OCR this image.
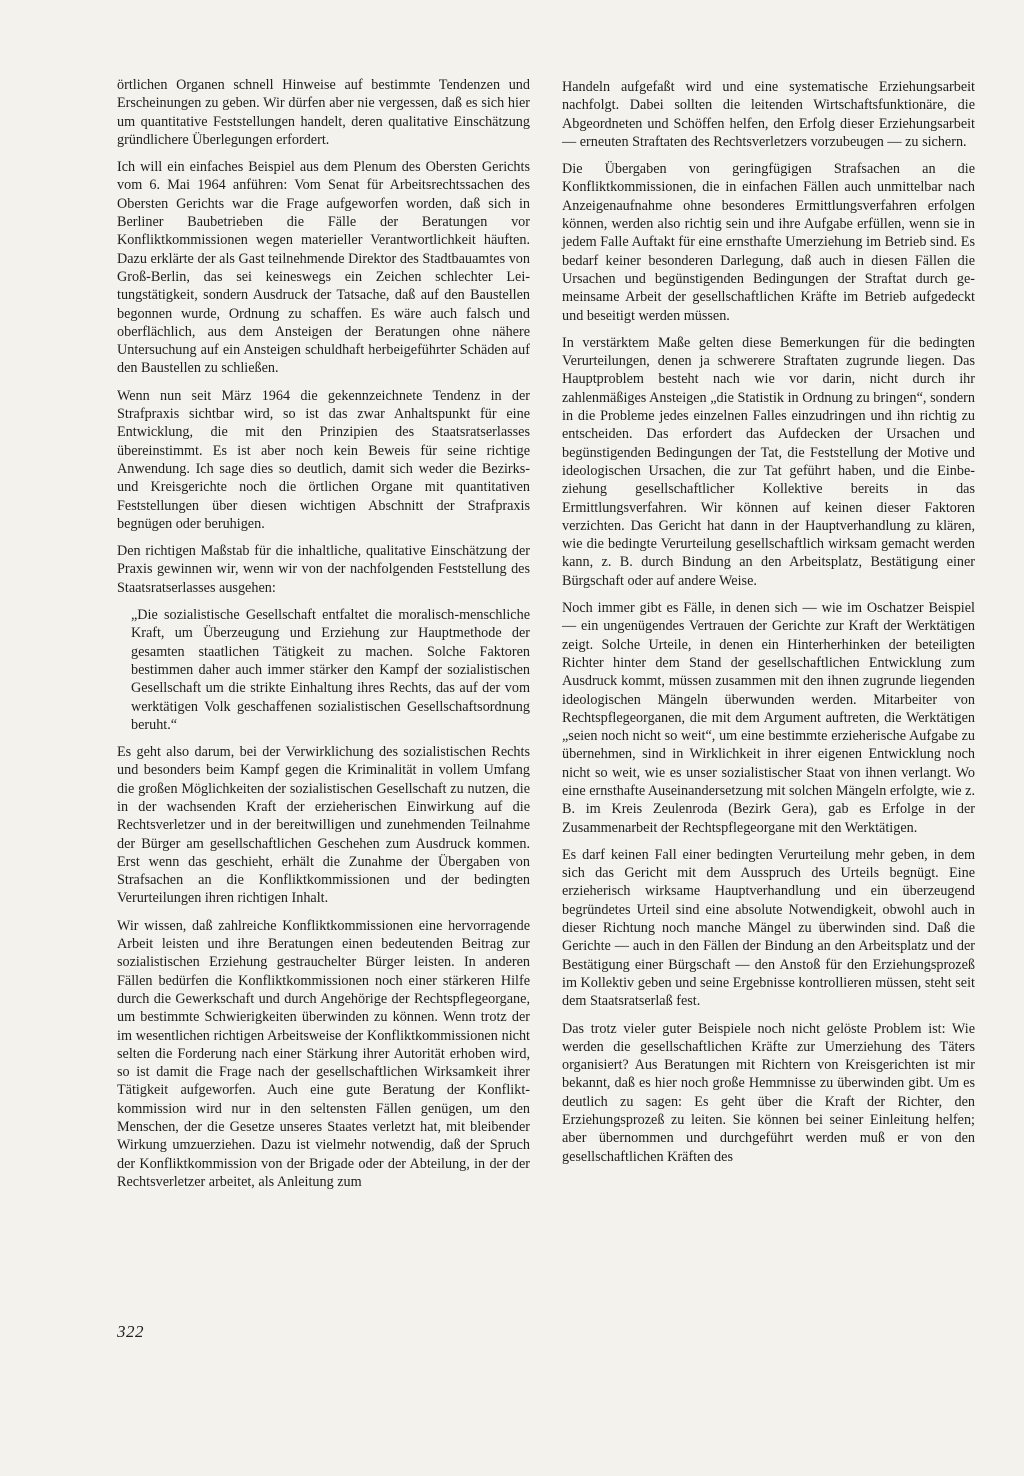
örtlichen Organen schnell Hinweise auf bestimmte Tendenzen und Erscheinungen zu geben. Wir dürfen aber nie vergessen, daß es sich hier um quantitative Feststellungen handelt, deren qualitative Einschätzung gründlichere Überlegungen erfordert.

Ich will ein einfaches Beispiel aus dem Plenum des Obersten Gerichts vom 6. Mai 1964 anführen: Vom Senat für Arbeitsrechtssachen des Obersten Gerichts war die Frage aufgeworfen worden, daß sich in Berliner Baubetrieben die Fälle der Beratungen vor Konfliktkommissionen wegen materieller Verantwortlichkeit häuften. Dazu erklärte der als Gast teilnehmende Direktor des Stadtbauamtes von Groß-Berlin, das sei keineswegs ein Zeichen schlechter Leitungstätigkeit, sondern Ausdruck der Tatsache, daß auf den Baustellen begonnen wurde, Ordnung zu schaffen. Es wäre auch falsch und oberflächlich, aus dem Ansteigen der Beratungen ohne nähere Untersuchung auf ein Ansteigen schuldhaft herbeigeführter Schäden auf den Baustellen zu schließen.

Wenn nun seit März 1964 die gekennzeichnete Tendenz in der Strafpraxis sichtbar wird, so ist das zwar Anhaltspunkt für eine Entwicklung, die mit den Prinzipien des Staatsratserlasses übereinstimmt. Es ist aber noch kein Beweis für seine richtige Anwendung. Ich sage dies so deutlich, damit sich weder die Bezirks- und Kreisgerichte noch die örtlichen Organe mit quantitativen Feststellungen über diesen wichtigen Abschnitt der Strafpraxis begnügen oder beruhigen.

Den richtigen Maßstab für die inhaltliche, qualitative Einschätzung der Praxis gewinnen wir, wenn wir von der nachfolgenden Feststellung des Staatsratserlasses ausgehen:

„Die sozialistische Gesellschaft entfaltet die moralisch-menschliche Kraft, um Überzeugung und Erziehung zur Hauptmethode der gesamten staatlichen Tätigkeit zu machen. Solche Faktoren bestimmen daher auch immer stärker den Kampf der sozialistischen Gesellschaft um die strikte Einhaltung ihres Rechts, das auf der vom werktätigen Volk geschaffenen sozialistischen Gesellschaftsordnung beruht.“

Es geht also darum, bei der Verwirklichung des sozialistischen Rechts und besonders beim Kampf gegen die Kriminalität in vollem Umfang die großen Möglichkeiten der sozialistischen Gesellschaft zu nutzen, die in der wachsenden Kraft der erzieherischen Einwirkung auf die Rechtsverletzer und in der bereitwilligen und zunehmenden Teilnahme der Bürger am gesellschaftlichen Geschehen zum Ausdruck kommen. Erst wenn das geschieht, erhält die Zunahme der Übergaben von Strafsachen an die Konfliktkommissionen und der bedingten Verurteilungen ihren richtigen Inhalt.

Wir wissen, daß zahlreiche Konfliktkommissionen eine hervorragende Arbeit leisten und ihre Beratungen einen bedeutenden Beitrag zur sozialistischen Erziehung gestrauchelter Bürger leisten. In anderen Fällen bedürfen die Konfliktkommissionen noch einer stärkeren Hilfe durch die Gewerkschaft und durch Angehörige der Rechtspflegeorgane, um bestimmte Schwierigkeiten überwinden zu können. Wenn trotz der im wesentlichen richtigen Arbeitsweise der Konfliktkommissionen nicht selten die Forderung nach einer Stärkung ihrer Autorität erhoben wird, so ist damit die Frage nach der gesellschaftlichen Wirksamkeit ihrer Tätigkeit aufgeworfen. Auch eine gute Beratung der Konfliktkommission wird nur in den seltensten Fällen genügen, um den Menschen, der die Gesetze unseres Staates verletzt hat, mit bleibender Wirkung umzuerziehen. Dazu ist vielmehr notwendig, daß der Spruch der Konfliktkommission von der Brigade oder der Abteilung, in der der Rechtsverletzer arbeitet, als Anleitung zum

Handeln aufgefaßt wird und eine systematische Erziehungsarbeit nachfolgt. Dabei sollten die leitenden Wirtschaftsfunktionäre, die Abgeordneten und Schöffen helfen, den Erfolg dieser Erziehungsarbeit — erneuten Straftaten des Rechtsverletzers vorzubeugen — zu sichern.

Die Übergaben von geringfügigen Strafsachen an die Konfliktkommissionen, die in einfachen Fällen auch unmittelbar nach Anzeigenaufnahme ohne besonderes Ermittlungsverfahren erfolgen können, werden also richtig sein und ihre Aufgabe erfüllen, wenn sie in jedem Falle Auftakt für eine ernsthafte Umerziehung im Betrieb sind. Es bedarf keiner besonderen Darlegung, daß auch in diesen Fällen die Ursachen und begünstigenden Bedingungen der Straftat durch gemeinsame Arbeit der gesellschaftlichen Kräfte im Betrieb aufgedeckt und beseitigt werden müssen.

In verstärktem Maße gelten diese Bemerkungen für die bedingten Verurteilungen, denen ja schwerere Straftaten zugrunde liegen. Das Hauptproblem besteht nach wie vor darin, nicht durch ihr zahlenmäßiges Ansteigen „die Statistik in Ordnung zu bringen“, sondern in die Probleme jedes einzelnen Falles einzudringen und ihn richtig zu entscheiden. Das erfordert das Aufdecken der Ursachen und begünstigenden Bedingungen der Tat, die Feststellung der Motive und ideologischen Ursachen, die zur Tat geführt haben, und die Einbeziehung gesellschaftlicher Kollektive bereits in das Ermittlungsverfahren. Wir können auf keinen dieser Faktoren verzichten. Das Gericht hat dann in der Hauptverhandlung zu klären, wie die bedingte Verurteilung gesellschaftlich wirksam gemacht werden kann, z. B. durch Bindung an den Arbeitsplatz, Bestätigung einer Bürgschaft oder auf andere Weise.

Noch immer gibt es Fälle, in denen sich — wie im Oschatzer Beispiel — ein ungenügendes Vertrauen der Gerichte zur Kraft der Werktätigen zeigt. Solche Urteile, in denen ein Hinterherhinken der beteiligten Richter hinter dem Stand der gesellschaftlichen Entwicklung zum Ausdruck kommt, müssen zusammen mit den ihnen zugrunde liegenden ideologischen Mängeln überwunden werden. Mitarbeiter von Rechtspflegeorganen, die mit dem Argument auftreten, die Werktätigen „seien noch nicht so weit“, um eine bestimmte erzieherische Aufgabe zu übernehmen, sind in Wirklichkeit in ihrer eigenen Entwicklung noch nicht so weit, wie es unser sozialistischer Staat von ihnen verlangt. Wo eine ernsthafte Auseinandersetzung mit solchen Mängeln erfolgte, wie z. B. im Kreis Zeulenroda (Bezirk Gera), gab es Erfolge in der Zusammenarbeit der Rechtspflegeorgane mit den Werktätigen.

Es darf keinen Fall einer bedingten Verurteilung mehr geben, in dem sich das Gericht mit dem Ausspruch des Urteils begnügt. Eine erzieherisch wirksame Hauptverhandlung und ein überzeugend begründetes Urteil sind eine absolute Notwendigkeit, obwohl auch in dieser Richtung noch manche Mängel zu überwinden sind. Daß die Gerichte — auch in den Fällen der Bindung an den Arbeitsplatz und der Bestätigung einer Bürgschaft — den Anstoß für den Erziehungsprozeß im Kollektiv geben und seine Ergebnisse kontrollieren müssen, steht seit dem Staatsratserlaß fest.

Das trotz vieler guter Beispiele noch nicht gelöste Problem ist: Wie werden die gesellschaftlichen Kräfte zur Umerziehung des Täters organisiert? Aus Beratungen mit Richtern von Kreisgerichten ist mir bekannt, daß es hier noch große Hemmnisse zu überwinden gibt. Um es deutlich zu sagen: Es geht über die Kraft der Richter, den Erziehungsprozeß zu leiten. Sie können bei seiner Einleitung helfen; aber übernommen und durchgeführt werden muß er von den gesellschaftlichen Kräften des

322
